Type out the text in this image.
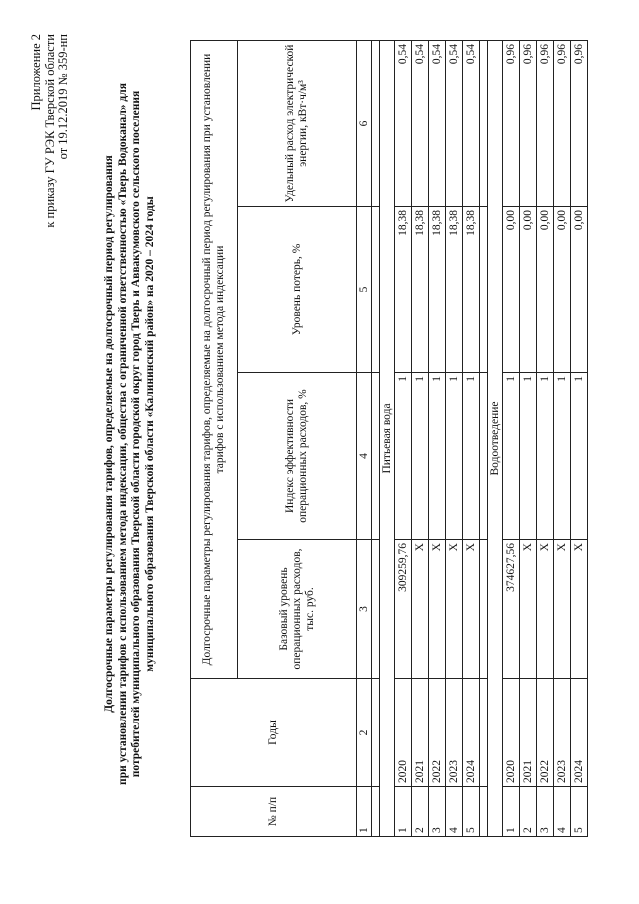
Приложение 2 к приказу ГУ РЭК Тверской области от 19.12.2019 № 359-нп
Долгосрочные параметры регулирования тарифов, определяемые на долгосрочный период регулирования при установлении тарифов с использованием метода индексации, общества с ограниченной ответственностью «Тверь Водоканал» для потребителей муниципального образования Тверской области городской округ город Тверь и Аввакумовского сельского поселения муниципального образования Тверской области «Калининский район» на 2020 – 2024 годы
№ п/п	Годы	Долгосрочные параметры регулирования тарифов, определяемые на долгосрочный период регулирования при установлении тарифов с использованием метода индексации			
		Базовый уровень операционных расходов, тыс. руб.	Индекс эффективности операционных расходов, %	Уровень потерь, %	Удельный расход электрической энергии, кВт·ч/м³
1	2	3	4	5	6

Питьевая вода					
1	2020	309259,76	1	18,38	0,54
2	2021	Х	1	18,38	0,54
3	2022	Х	1	18,38	0,54
4	2023	Х	1	18,38	0,54
5	2024	Х	1	18,38	0,54

Водоотведение					
1	2020	374627,56	1	0,00	0,96
2	2021	Х	1	0,00	0,96
3	2022	Х	1	0,00	0,96
4	2023	Х	1	0,00	0,96
5	2024	Х	1	0,00	0,96
